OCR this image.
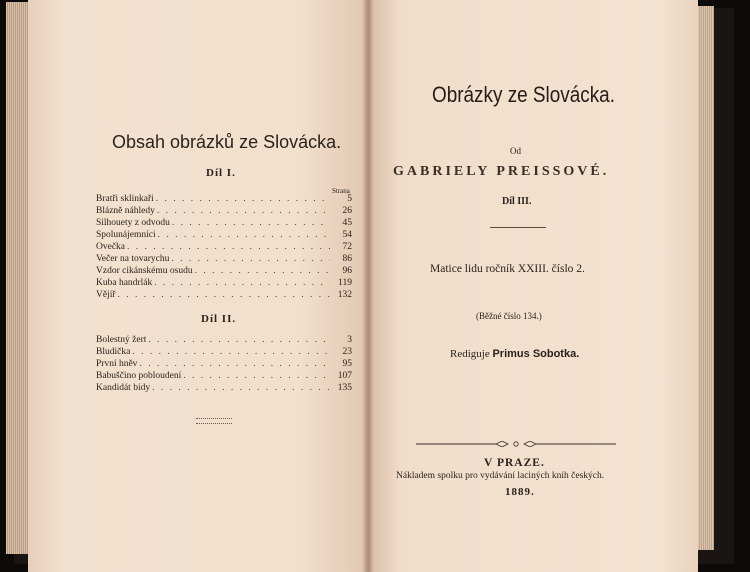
Obsah obrázků ze Slovácka.
Díl I.
Strana
Bratři sklinkaři . . .	5
Blázně náhledy . . .	26
Silhouety z odvodu . . .	45
Spolunájemníci . . .	54
Ovečka . . .	72
Večer na tovarychu . . .	86
Vzdor cikánskému osudu . . .	96
Kuba handrlák . . .	119
Vějíř . . .	132
Díl II.
Bolestný žert . . .	3
Bludička . . .	23
První hněv . . .	95
Babuščino pobloudení . . .	107
Kandidát bídy . . .	135
Obrázky ze Slovácka.
Od
GABRIELY PREISSOVÉ.
Díl III.
Matice lidu ročník XXIII. číslo 2.
(Běžné číslo 134.)
Rediguje Primus Sobotka.
V PRAZE.
Nákladem spolku pro vydávání laciných knih českých.
1889.
